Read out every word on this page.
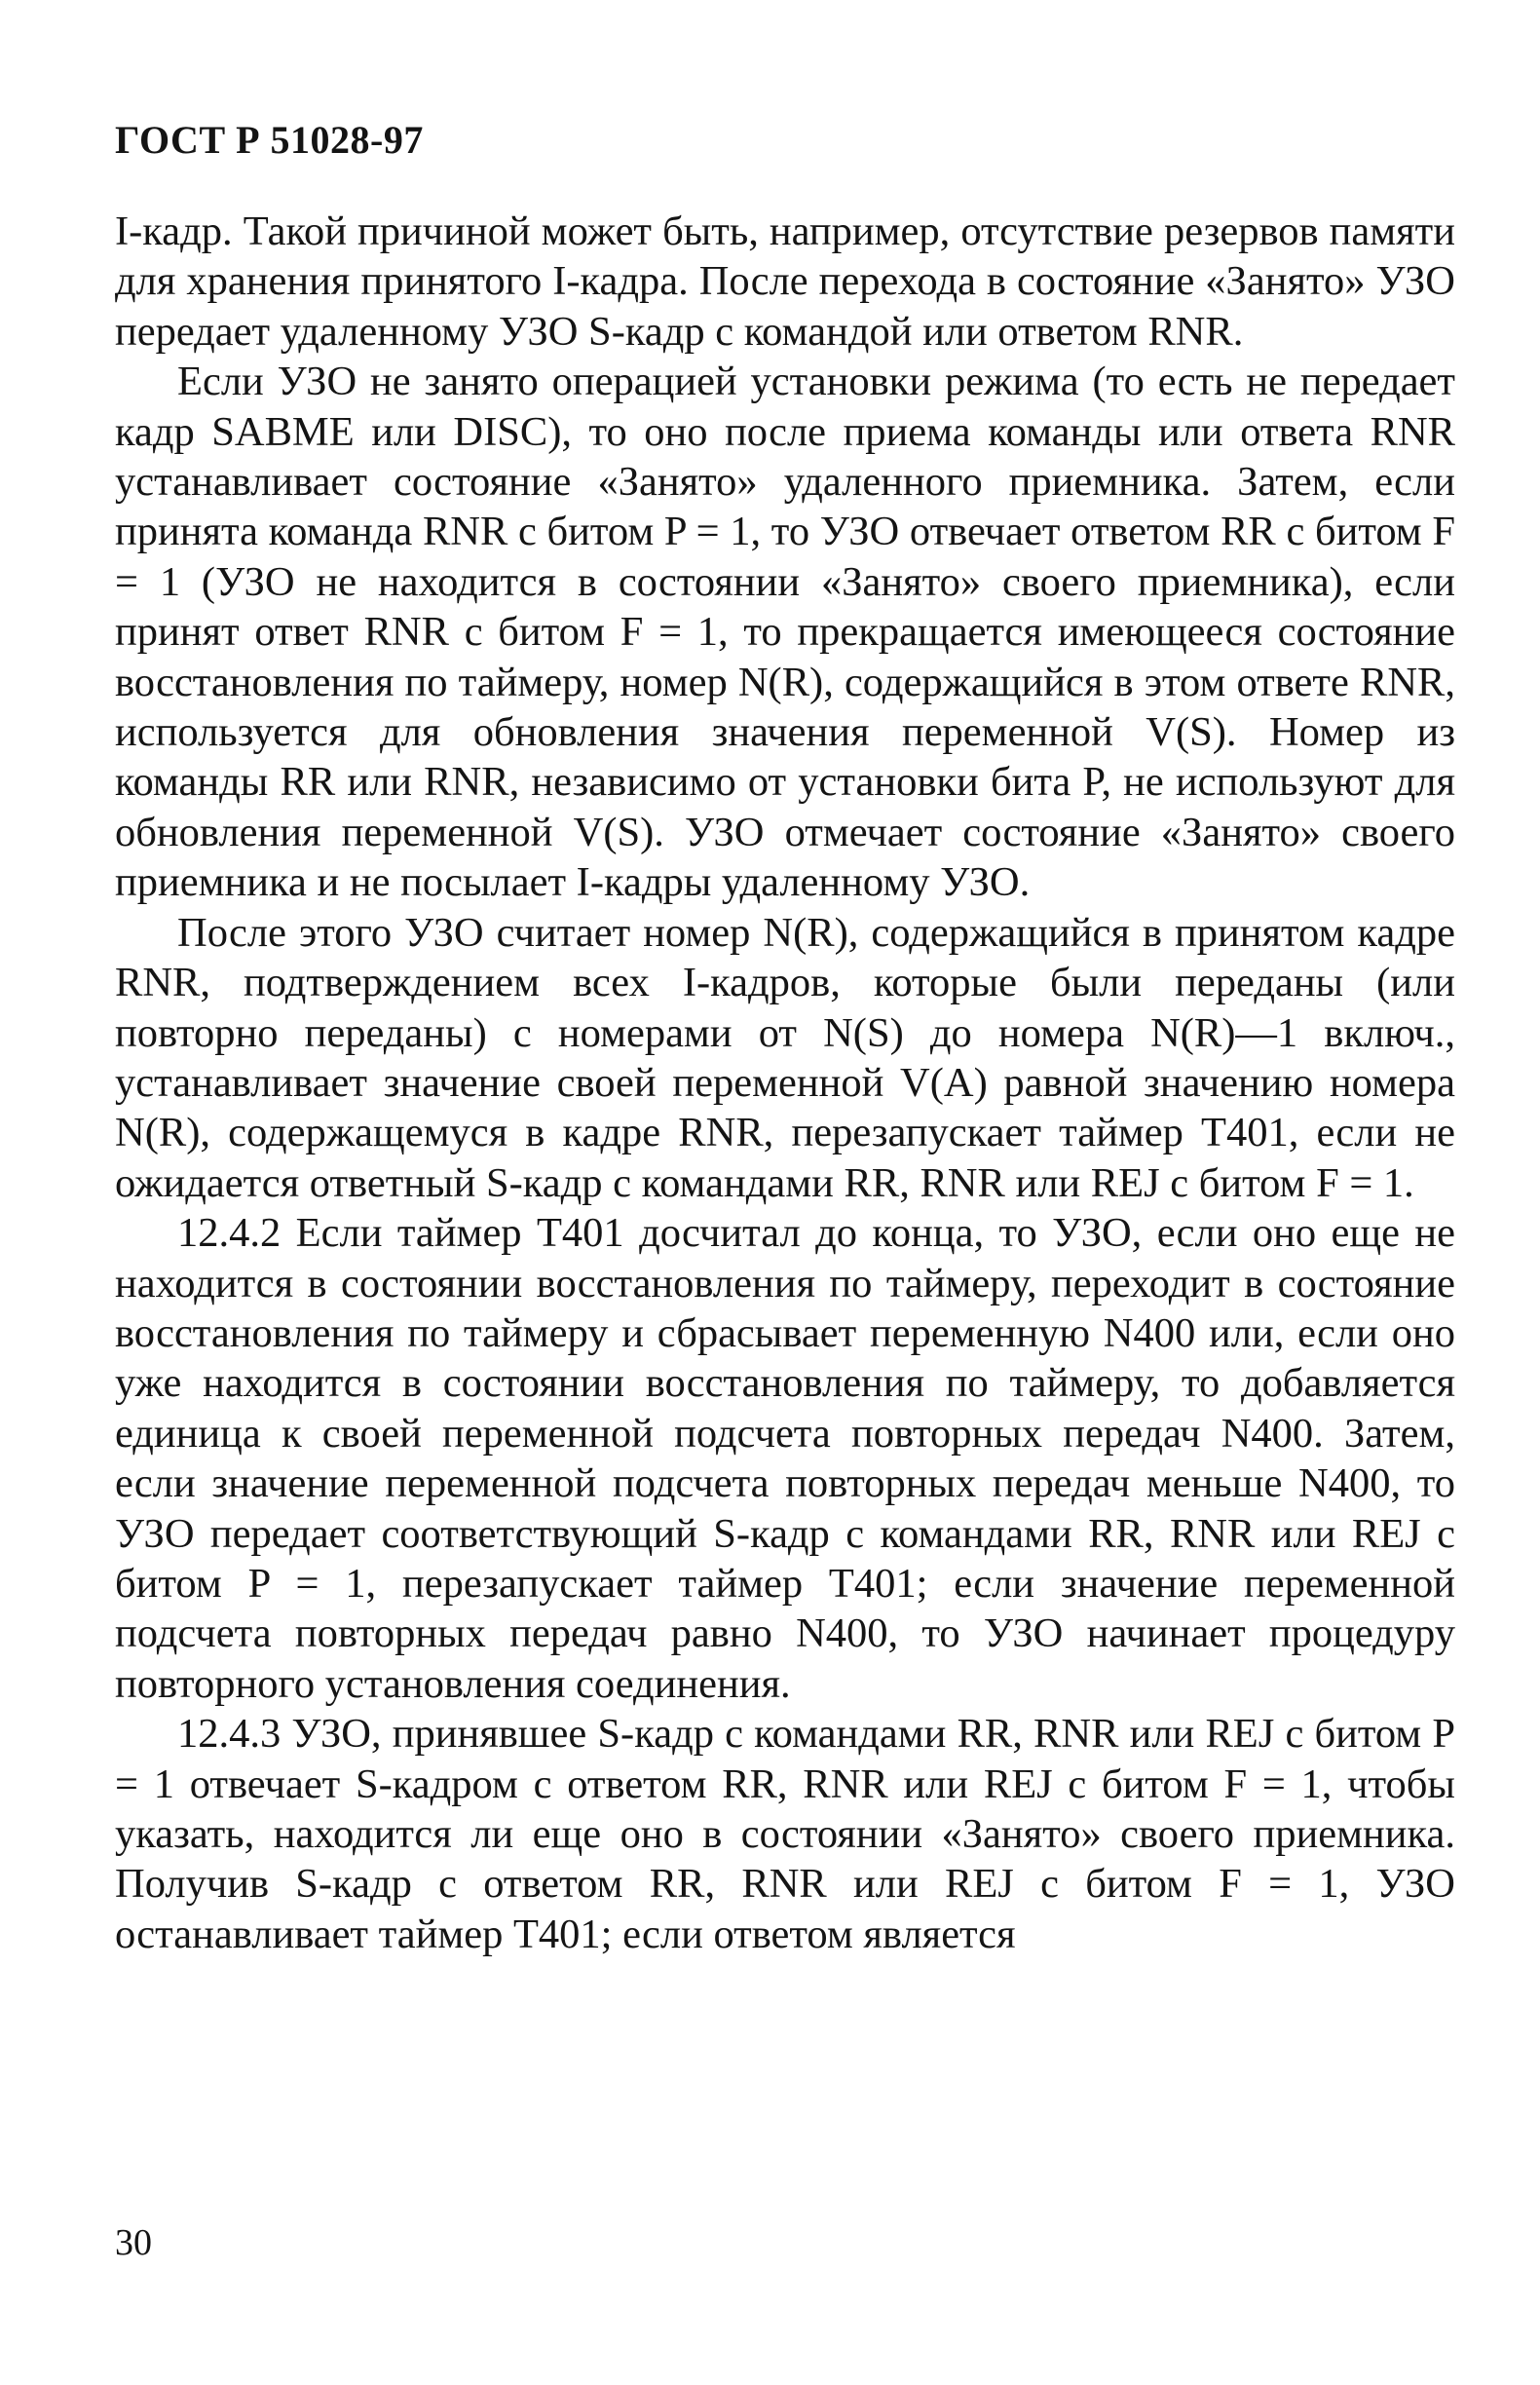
ГОСТ Р 51028-97

І-кадр. Такой причиной может быть, например, отсутствие резервов памяти для хранения принятого І-кадра. После перехода в состояние «Занято» УЗО передает удаленному УЗО S-кадр с командой или ответом RNR.

Если УЗО не занято операцией установки режима (то есть не передает кадр SABME или DISC), то оно после приема команды или ответа RNR устанавливает состояние «Занято» удаленного приемника. Затем, если принята команда RNR с битом P = 1, то УЗО отвечает ответом RR с битом F = 1 (УЗО не находится в состоянии «Занято» своего приемника), если принят ответ RNR с битом F = 1, то прекращается имеющееся состояние восстановления по таймеру, номер N(R), содержащийся в этом ответе RNR, используется для обновления значения переменной V(S). Номер из команды RR или RNR, независимо от установки бита P, не используют для обновления переменной V(S). УЗО отмечает состояние «Занято» своего приемника и не посылает І-кадры удаленному УЗО.

После этого УЗО считает номер N(R), содержащийся в принятом кадре RNR, подтверждением всех І-кадров, которые были переданы (или повторно переданы) с номерами от N(S) до номера N(R)—1 включ., устанавливает значение своей переменной V(A) равной значению номера N(R), содержащемуся в кадре RNR, перезапускает таймер T401, если не ожидается ответный S-кадр с командами RR, RNR или REJ с битом F = 1.

12.4.2 Если таймер T401 досчитал до конца, то УЗО, если оно еще не находится в состоянии восстановления по таймеру, переходит в состояние восстановления по таймеру и сбрасывает переменную N400 или, если оно уже находится в состоянии восстановления по таймеру, то добавляется единица к своей переменной подсчета повторных передач N400. Затем, если значение переменной подсчета повторных передач меньше N400, то УЗО передает соответствующий S-кадр с командами RR, RNR или REJ с битом P = 1, перезапускает таймер T401; если значение переменной подсчета повторных передач равно N400, то УЗО начинает процедуру повторного установления соединения.

12.4.3 УЗО, принявшее S-кадр с командами RR, RNR или REJ с битом P = 1 отвечает S-кадром с ответом RR, RNR или REJ с битом F = 1, чтобы указать, находится ли еще оно в состоянии «Занято» своего приемника. Получив S-кадр с ответом RR, RNR или REJ с битом F = 1, УЗО останавливает таймер T401; если ответом является

30
